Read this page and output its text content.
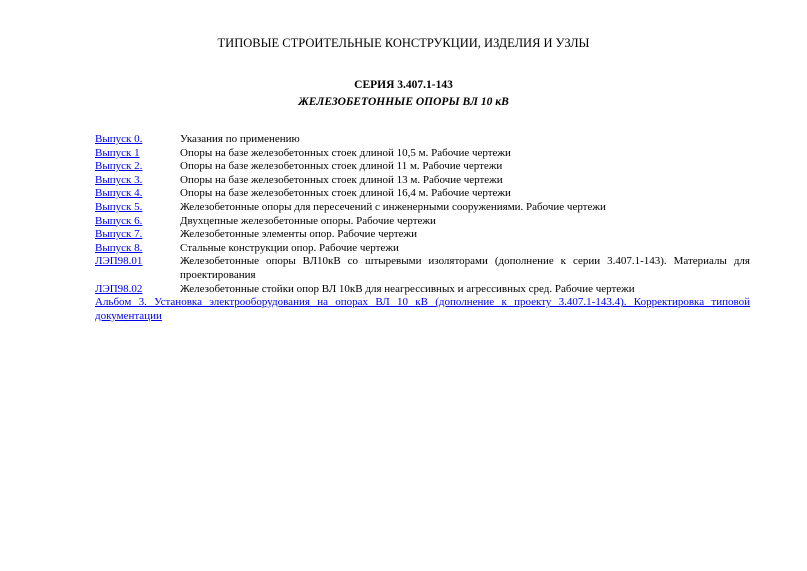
ТИПОВЫЕ СТРОИТЕЛЬНЫЕ КОНСТРУКЦИИ, ИЗДЕЛИЯ И УЗЛЫ
СЕРИЯ 3.407.1-143
ЖЕЛЕЗОБЕТОННЫЕ ОПОРЫ ВЛ 10 кВ
Выпуск 0.	Указания по применению
Выпуск 1	Опоры на базе железобетонных стоек длиной 10,5 м. Рабочие чертежи
Выпуск 2.	Опоры на базе железобетонных стоек длиной 11 м. Рабочие чертежи
Выпуск 3.	Опоры на базе железобетонных стоек длиной 13 м. Рабочие чертежи
Выпуск 4.	Опоры на базе железобетонных стоек длиной 16,4 м. Рабочие чертежи
Выпуск 5.	Железобетонные опоры для пересечений с инженерными сооружениями. Рабочие чертежи
Выпуск 6.	Двухцепные железобетонные опоры. Рабочие чертежи
Выпуск 7.	Железобетонные элементы опор. Рабочие чертежи
Выпуск 8.	Стальные конструкции опор. Рабочие чертежи
ЛЭП98.01	Железобетонные опоры ВЛ10кВ со штыревыми изоляторами (дополнение к серии 3.407.1-143). Материалы для проектирования
ЛЭП98.02	Железобетонные стойки опор ВЛ 10кВ для неагрессивных и агрессивных сред. Рабочие чертежи
Альбом 3. Установка электрооборудования на опорах ВЛ 10 кВ (дополнение к проекту 3.407.1-143.4). Корректировка типовой документации
